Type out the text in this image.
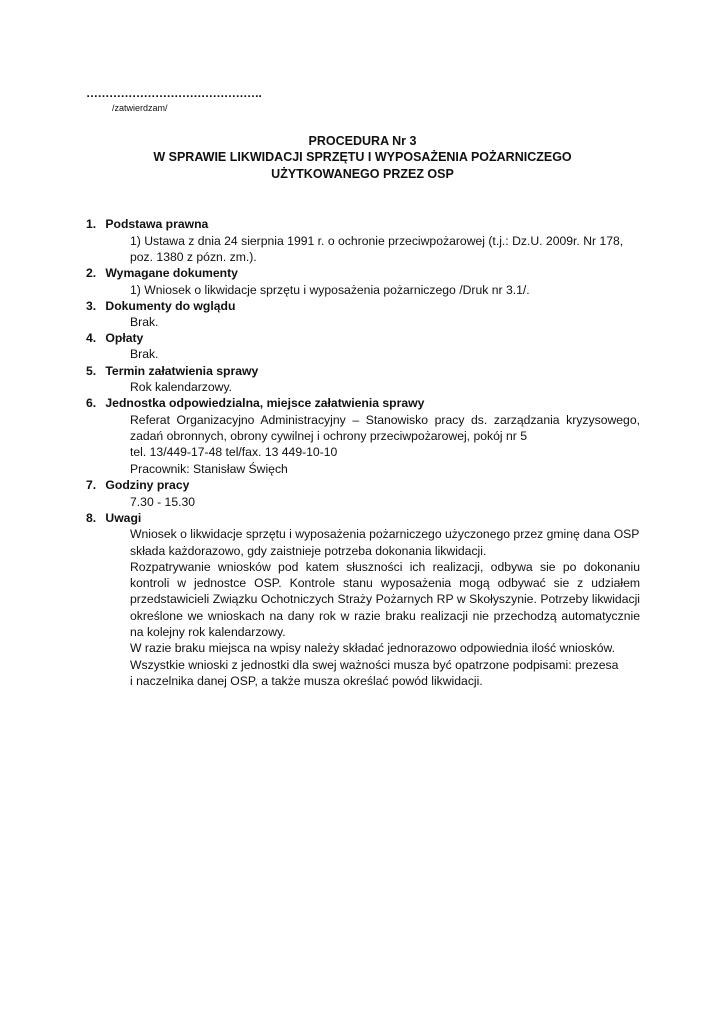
……………………………………….
/zatwierdzam/
PROCEDURA Nr 3
W SPRAWIE LIKWIDACJI SPRZĘTU I WYPOSAŻENIA POŻARNICZEGO
UŻYTKOWANEGO PRZEZ OSP
1. Podstawa prawna
1) Ustawa z dnia 24 sierpnia 1991 r. o ochronie przeciwpożarowej (t.j.: Dz.U. 2009r. Nr 178,
poz. 1380 z pózn. zm.).
2. Wymagane dokumenty
1) Wniosek o likwidacje sprzętu i wyposażenia pożarniczego /Druk nr 3.1/.
3. Dokumenty do wglądu
Brak.
4. Opłaty
Brak.
5. Termin załatwienia sprawy
Rok kalendarzowy.
6. Jednostka odpowiedzialna, miejsce załatwienia sprawy
Referat Organizacyjno Administracyjny – Stanowisko pracy ds. zarządzania kryzysowego,
zadań obronnych, obrony cywilnej i ochrony przeciwpożarowej, pokój nr 5
tel. 13/449-17-48 tel/fax. 13 449-10-10
Pracownik: Stanisław Święch
7. Godziny pracy
7.30 - 15.30
8. Uwagi
Wniosek o likwidacje sprzętu i wyposażenia pożarniczego użyczonego przez gminę dana OSP
składa każdorazowo, gdy zaistnieje potrzeba dokonania likwidacji.
Rozpatrywanie wniosków pod katem słuszności ich realizacji, odbywa sie po dokonaniu
kontroli w jednostce OSP. Kontrole stanu wyposażenia mogą odbywać sie z udziałem
przedstawicieli Związku Ochotniczych Straży Pożarnych RP w Skołyszynie. Potrzeby likwidacji
określone we wnioskach na dany rok w razie braku realizacji nie przechodzą automatycznie
na kolejny rok kalendarzowy.
W razie braku miejsca na wpisy należy składać jednorazowo odpowiednia ilość wniosków.
Wszystkie wnioski z jednostki dla swej ważności musza być opatrzone podpisami: prezesa
i naczelnika danej OSP, a także musza określać powód likwidacji.
